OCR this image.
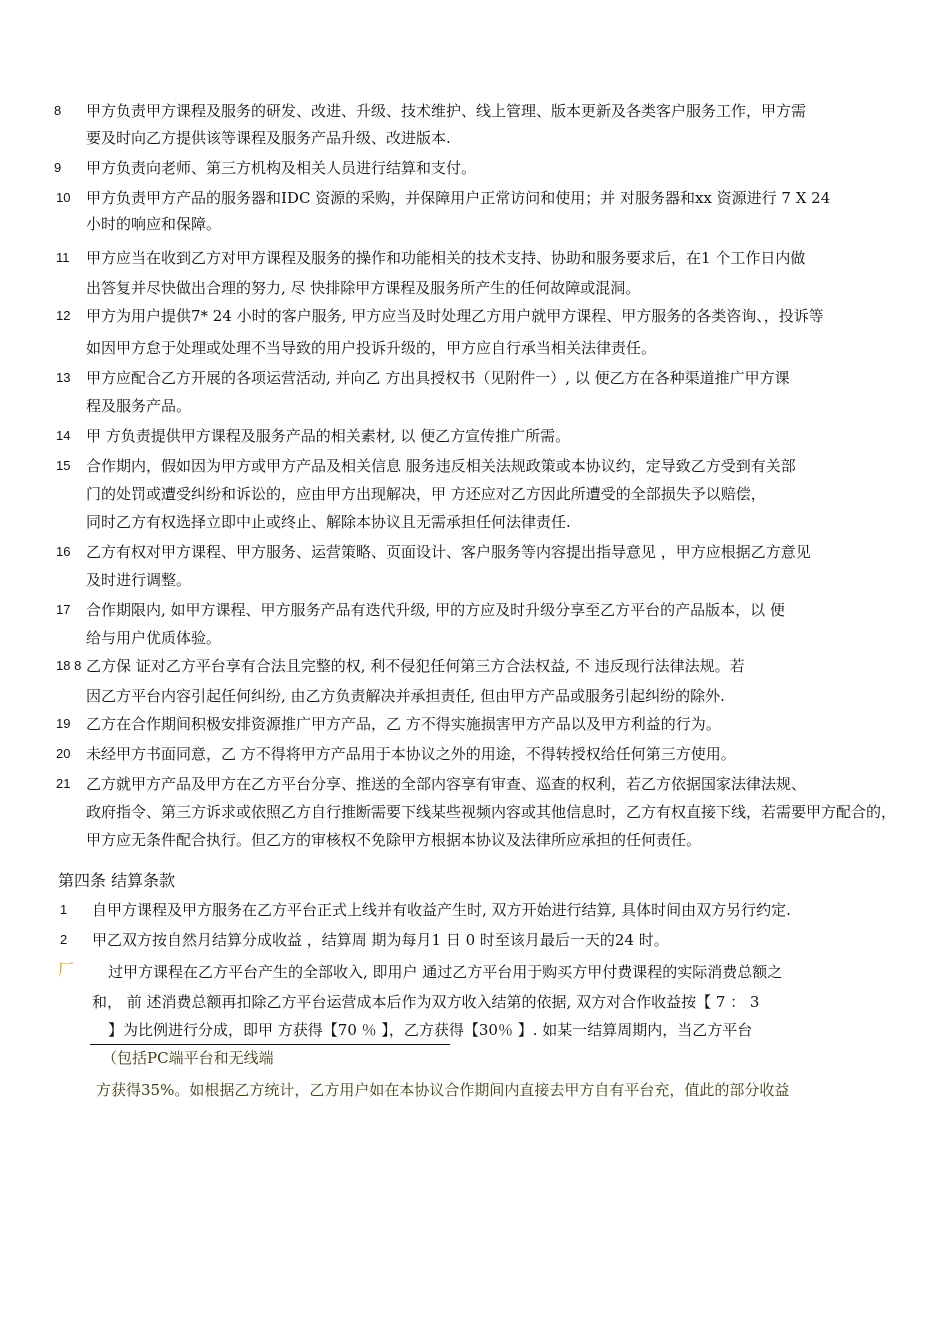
8 甲方负责甲方课程及服务的研发、改进、升级、技术维护、线上管理、版本更新及各类客户服务工作，甲方需
要及时向乙方提供该等课程及服务产品升级、改进版本.
9 甲方负责向老师、第三方机构及相关人员进行结算和支付。
10 甲方负责甲方产品的服务器和IDC 资源的采购，并保障用户正常访问和使用；并 对服务器和xx 资源进行 7 X 24
小时的响应和保障。
11 甲方应当在收到乙方对甲方课程及服务的操作和功能相关的技术支持、协助和服务要求后，在1 个工作日内做
出答复并尽快做出合理的努力, 尽 快排除甲方课程及服务所产生的任何故障或混洞。
12 甲方为用户提供7* 24 小时的客户服务, 甲方应当及时处理乙方用户就甲方课程、甲方服务的各类咨询、，投诉等
如因甲方怠于处理或处理不当导致的用户投诉升级的，甲方应自行承当相关法律责任。
13 甲方应配合乙方开展的各项运营活动, 并向乙 方出具授权书（见附件一）, 以 便乙方在各种渠道推广甲方课
程及服务产品。
14 甲 方负责提供甲方课程及服务产品的相关素材, 以 便乙方宣传推广所需。
15 合作期内，假如因为甲方或甲方产品及相关信息 服务违反相关法规政策或本协议约，定导致乙方受到有关部
门的处罚或遭受纠纷和诉讼的，应由甲方出现解决，甲 方还应对乙方因此所遭受的全部损失予以赔偿，
同时乙方有权选择立即中止或终止、解除本协议且无需承担任何法律责任.
16 乙方有权对甲方课程、甲方服务、运营策略、页面设计、客户服务等内容提出指导意见 ，甲方应根据乙方意见
及时进行调整。
17 合作期限内, 如甲方课程、甲方服务产品有迭代升级, 甲的方应及时升级分享至乙方平台的产品版本，以 便
给与用户优质体验。
18 8 乙方保 证对乙方平台享有合法且完整的权, 利不侵犯任何第三方合法权益, 不 违反现行法律法规。若
因乙方平台内容引起任何纠纷, 由乙方负责解决并承担责任, 但由甲方产品或服务引起纠纷的除外.
19 乙方在合作期间积极安排资源推广甲方产品，乙 方不得实施损害甲方产品以及甲方利益的行为。
20 未经甲方书面同意，乙 方不得将甲方产品用于本协议之外的用途，不得转授权给任何第三方使用。
21 乙方就甲方产品及甲方在乙方平台分享、推送的全部内容享有审查、巡查的权利，若乙方依据国家法律法规、
政府指令、第三方诉求或依照乙方自行推断需要下线某些视频内容或其他信息时，乙方有权直接下线，若需要甲方配合的，
甲方应无条件配合执行。但乙方的审核权不免除甲方根据本协议及法律所应承担的任何责任。
第四条 结算条款
1 自甲方课程及甲方服务在乙方平台正式上线并有收益产生时, 双方开始进行结算, 具体时间由双方另行约定.
2 甲乙双方按自然月结算分成收益 ，结算周 期为每月1 日 0 时至该月最后一天的24 时。
厂 过甲方课程在乙方平台产生的全部收入, 即用户 通过乙方平台用于购买方甲付费课程的实际消费总额之
和， 前 述消费总额再扣除乙方平台运营成本后作为双方收入结第的依据, 双方对合作收益按【 7 ： 3
】为比例进行分成，即甲 方获得【70 ％ 】，乙方获得【30％ 】. 如某一结算周期内，当乙方平台
（包括PC端平台和无线端
方获得35%。如根据乙方统计，乙方用户如在本协议合作期间内直接去甲方自有平台充，值此的部分收益
